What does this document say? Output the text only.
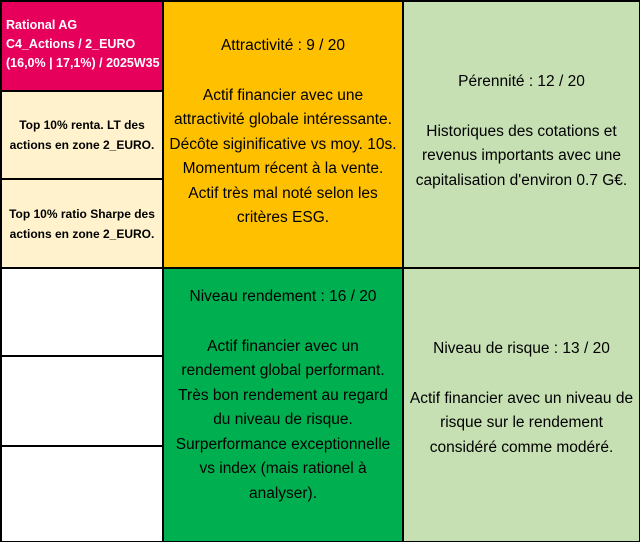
Rational AG
C4_Actions / 2_EURO
(16,0% | 17,1%) / 2025W35
Top 10% renta. LT des actions en zone 2_EURO.
Top 10% ratio Sharpe des actions en zone 2_EURO.
Attractivité : 9 / 20
Actif financier avec une
attractivité globale intéressante.
Décôte siginificative vs moy. 10s.
Momentum récent à la vente.
Actif très mal noté selon les
critères ESG.
Pérennité : 12 / 20
Historiques des cotations et
revenus importants avec une
capitalisation d'environ 0.7 G€.
Niveau rendement : 16 / 20
Actif financier avec un
rendement global performant.
Très bon rendement au regard
du niveau de risque.
Surperformance exceptionnelle
vs index (mais rationel à
analyser).
Niveau de risque : 13 / 20
Actif financier avec un niveau de
risque sur le rendement
considéré comme modéré.
